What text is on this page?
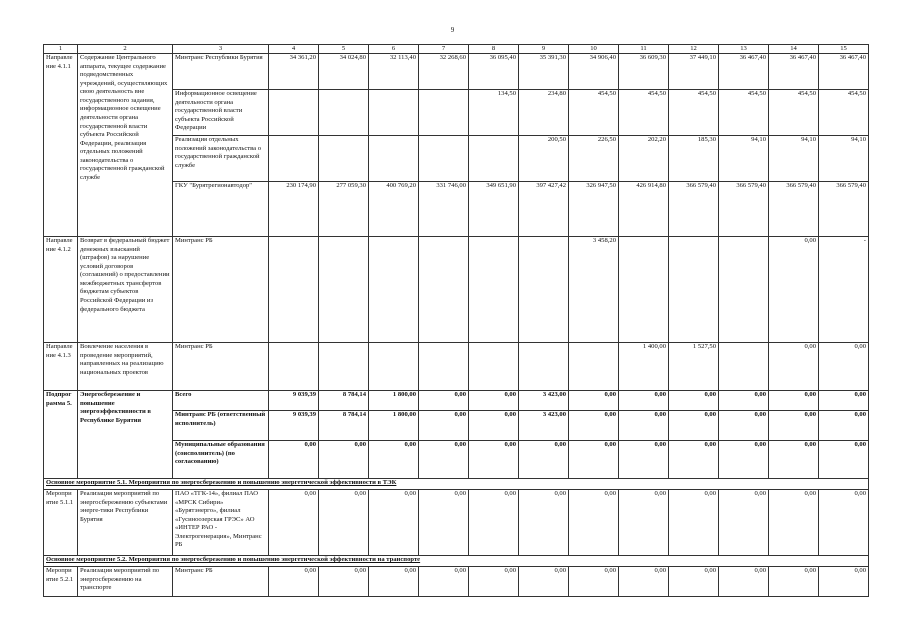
9
1	2	3	4	5	6	7	8	9	10	11	12	13	14	15
Направле ние 4.1.1	Содержание Центрального аппарата, текущее содержание подведомственных учреждений, осуществляющих свою деятельность вне государственного задания, информационное освещение деятельности органа государственной власти субъекта Российской Федерации, реализация отдельных положений законодательства о государственной гражданской службе	Минтранс Республики Бурятия	34 361,20	34 024,80	32 113,40	32 268,60	36 095,40	35 391,30	34 906,40	36 609,30	37 449,10	36 467,40	36 467,40	36 467,40
		Информационное освещение деятельности органа государственной власти субъекта Российской Федерации					134,50	234,80	454,50	454,50	454,50	454,50	454,50	454,50
		Реализация отдельных положений законодательства о государственной гражданской службе						200,50	226,50	202,20	185,30	94,10	94,10	94,10
		ГКУ "Бурятрегионавтодор"	230 174,90	277 059,30	400 769,20	331 746,00	349 651,90	397 427,42	326 947,50	426 914,80	366 579,40	366 579,40	366 579,40	366 579,40
Направле ние 4.1.2	Возврат в федеральный бюджет денежных взысканий (штрафов) за нарушение условий договоров (соглашений) о предоставлении межбюджетных трансфертов бюджетам субъектов Российской Федерации из федерального бюджета	Минтранс РБ							3 458,20				0,00	-
Направле ние 4.1.3	Вовлечение населения в проведение мероприятий, направленных на реализацию национальных проектов	Минтранс РБ								1 400,00	1 527,50		0,00	0,00
Подпрог рамма 5.	Энергосбережение и повышение энергоэффективности в Республике Бурятия	Всего	9 039,39	8 784,14	1 800,00	0,00	0,00	3 423,00	0,00	0,00	0,00	0,00	0,00	0,00
		Минтранс РБ (ответственный исполнитель)	9 039,39	8 784,14	1 800,00	0,00	0,00	3 423,00	0,00	0,00	0,00	0,00	0,00	0,00
		Муниципальные образования (соисполнитель) (по согласованию)	0,00	0,00	0,00	0,00	0,00	0,00	0,00	0,00	0,00	0,00	0,00	0,00
Основное мероприятие 5.1. Мероприятия по энергосбережению и повышению энергетической эффективности в ТЭК														
Меропри ятие 5.1.1	Реализация мероприятий по энергосбережению субъектами энерге-тики Республики Бурятия	ПАО «ТГК-14», филиал ПАО «МРСК Сибири» «Бурятэнерго», филиал «Гусиноозерская ГРЭС» АО «ИНТЕР РАО - Электрогенерация», Минтранс РБ	0,00	0,00	0,00	0,00	0,00	0,00	0,00	0,00	0,00	0,00	0,00	0,00
Основное мероприятие 5.2. Мероприятия по энергосбережению и повышению энергетической эффективности на транспорте														
Меропри ятие 5.2.1	Реализация мероприятий по энергосбережению на транспорте	Минтранс РБ	0,00	0,00	0,00	0,00	0,00	0,00	0,00	0,00	0,00	0,00	0,00	0,00
